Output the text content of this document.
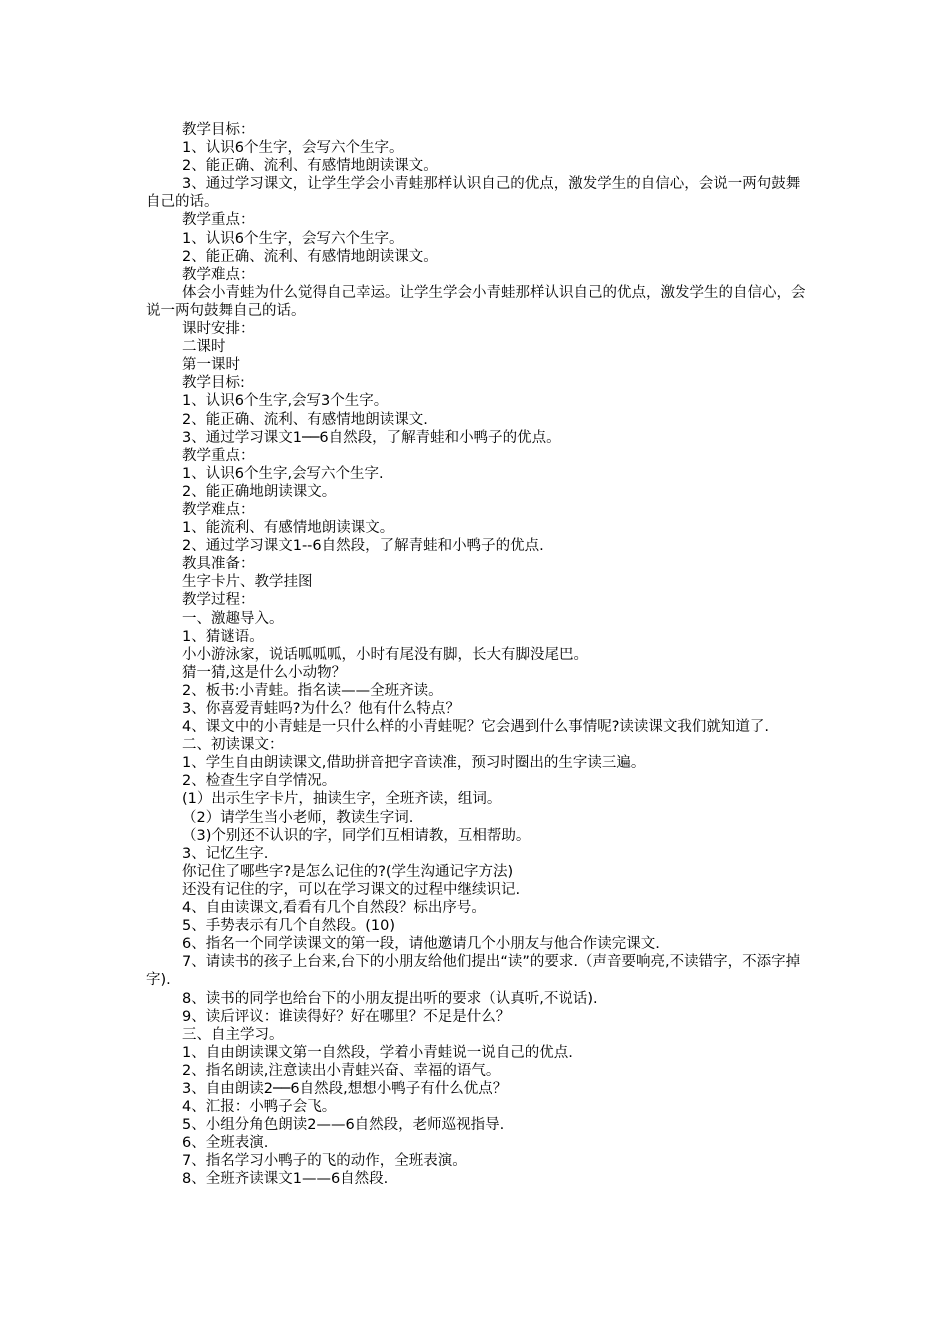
教学目标：

1、认识6个生字，会写六个生字。

2、能正确、流利、有感情地朗读课文。

3、通过学习课文，让学生学会小青蛙那样认识自己的优点，激发学生的自信心，会说一两句鼓舞自己的话。

教学重点：

1、认识6个生字，会写六个生字。

2、能正确、流利、有感情地朗读课文。

教学难点：

体会小青蛙为什么觉得自己幸运。让学生学会小青蛙那样认识自己的优点，激发学生的自信心，会说一两句鼓舞自己的话。

课时安排：

二课时

第一课时

教学目标:

1、认识6个生字,会写3个生字。

2、能正确、流利、有感情地朗读课文.

3、通过学习课文1──6自然段，了解青蛙和小鸭子的优点。

教学重点：

1、认识6个生字,会写六个生字.

2、能正确地朗读课文。

教学难点：

1、能流利、有感情地朗读课文。

2、通过学习课文1--6自然段，了解青蛙和小鸭子的优点.

教具准备：

生字卡片、教学挂图

教学过程：

一、激趣导入。

1、猜谜语。

小小游泳家，说话呱呱呱，小时有尾没有脚，长大有脚没尾巴。

猜一猜,这是什么小动物？

2、板书:小青蛙。指名读——全班齐读。

3、你喜爱青蛙吗?为什么？他有什么特点？

4、课文中的小青蛙是一只什么样的小青蛙呢？它会遇到什么事情呢?读读课文我们就知道了.

二、初读课文：

1、学生自由朗读课文,借助拼音把字音读准，预习时圈出的生字读三遍。

2、检查生字自学情况。

(1）出示生字卡片，抽读生字，全班齐读，组词。

（2）请学生当小老师，教读生字词.

（3)个别还不认识的字，同学们互相请教，互相帮助。

3、记忆生字.

你记住了哪些字?是怎么记住的?(学生沟通记字方法)

还没有记住的字，可以在学习课文的过程中继续识记.

4、自由读课文,看看有几个自然段？标出序号。

5、手势表示有几个自然段。(10)

6、指名一个同学读课文的第一段，请他邀请几个小朋友与他合作读完课文.

7、请读书的孩子上台来,台下的小朋友给他们提出“读”的要求.（声音要响亮,不读错字，不添字掉字).

8、读书的同学也给台下的小朋友提出听的要求（认真听,不说话).

9、读后评议：谁读得好？好在哪里？不足是什么？

三、自主学习。

1、自由朗读课文第一自然段，学着小青蛙说一说自己的优点.

2、指名朗读,注意读出小青蛙兴奋、幸福的语气。

3、自由朗读2──6自然段,想想小鸭子有什么优点？

4、汇报：小鸭子会飞。

5、小组分角色朗读2——6自然段，老师巡视指导.

6、全班表演.

7、指名学习小鸭子的飞的动作，全班表演。

8、全班齐读课文1——6自然段.
